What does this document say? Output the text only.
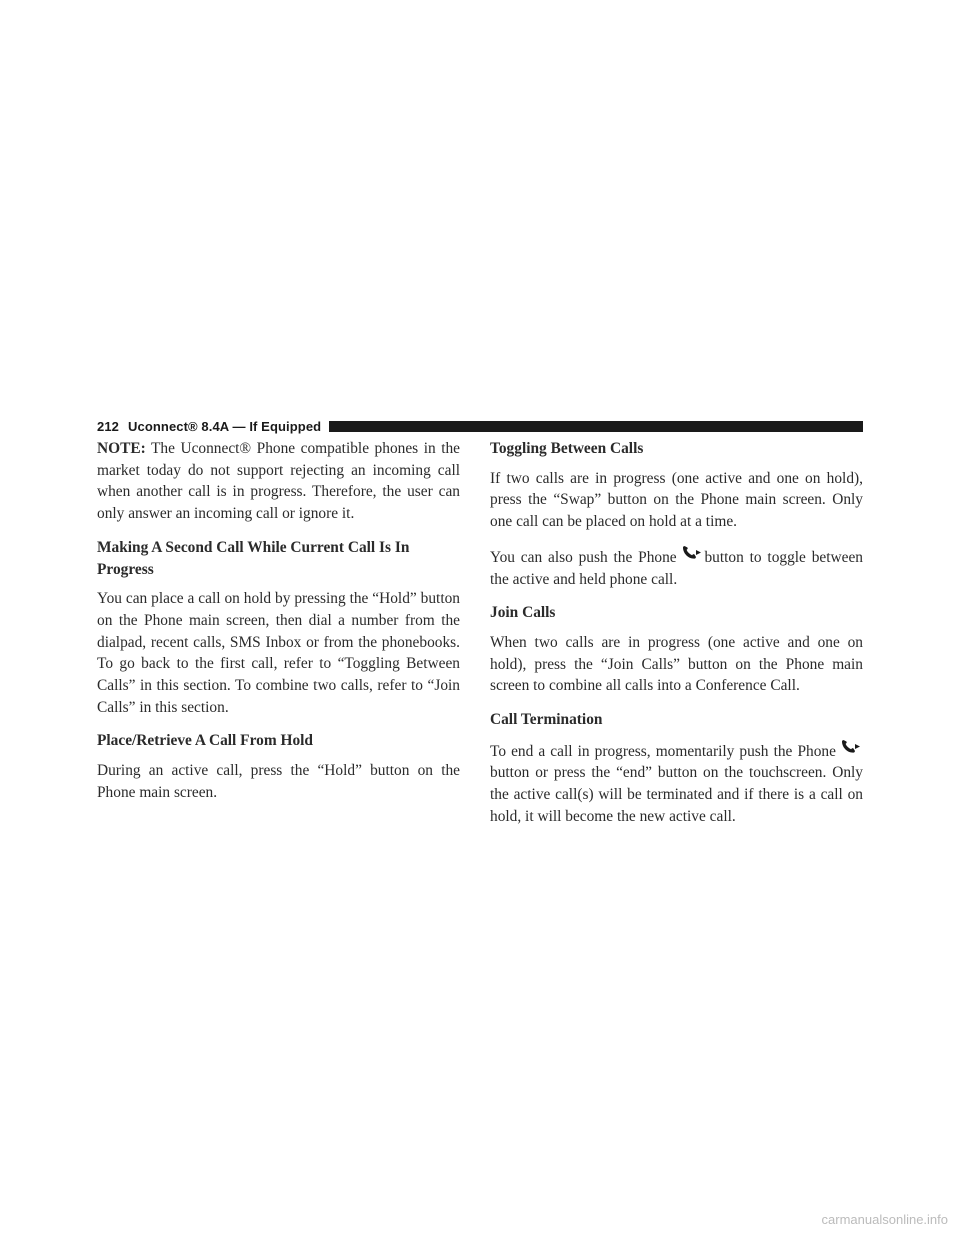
212 Uconnect® 8.4A — If Equipped

NOTE: The Uconnect® Phone compatible phones in the market today do not support rejecting an incoming call when another call is in progress. Therefore, the user can only answer an incoming call or ignore it.

Making A Second Call While Current Call Is In Progress

You can place a call on hold by pressing the “Hold” button on the Phone main screen, then dial a number from the dialpad, recent calls, SMS Inbox or from the phonebooks. To go back to the first call, refer to “Toggling Between Calls” in this section. To combine two calls, refer to “Join Calls” in this section.

Place/Retrieve A Call From Hold

During an active call, press the “Hold” button on the Phone main screen.

Toggling Between Calls

If two calls are in progress (one active and one on hold), press the “Swap” button on the Phone main screen. Only one call can be placed on hold at a time.

You can also push the Phone
button to toggle between the active and held phone call.

Join Calls

When two calls are in progress (one active and one on hold), press the “Join Calls” button on the Phone main screen to combine all calls into a Conference Call.

Call Termination

To end a call in progress, momentarily push the Phone
button or press the “end” button on the touchscreen. Only the active call(s) will be terminated and if there is a call on hold, it will become the new active call.

carmanualsonline.info
